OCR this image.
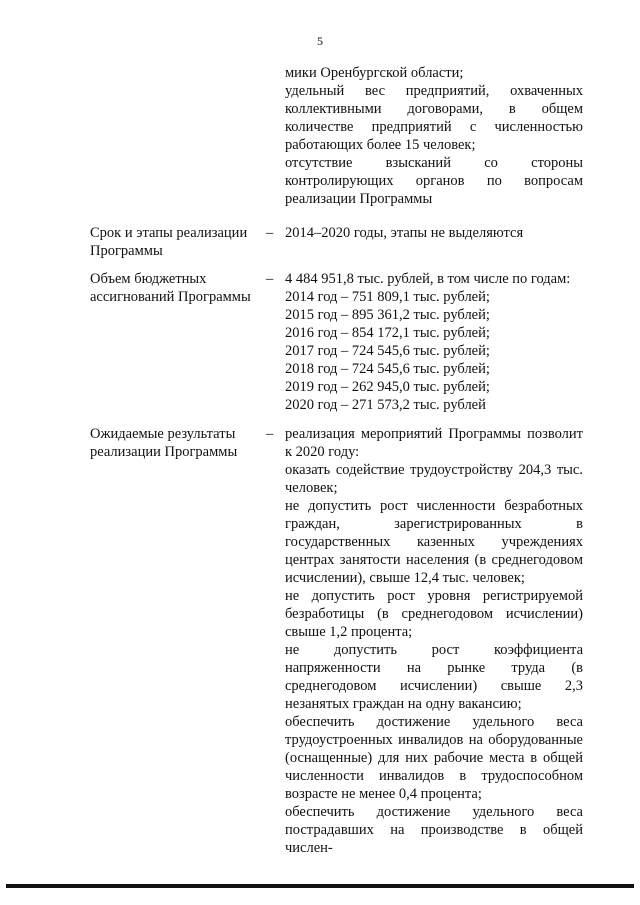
5

мики Оренбургской области;

удельный вес предприятий, охваченных коллективными договорами, в общем количестве предприятий с численностью работающих более 15 человек;

отсутствие взысканий со стороны контролирующих органов по вопросам реализации Программы

Срок и этапы реализации Программы
– 2014–2020 годы, этапы не выделяются

Объем бюджетных ассигнований Программы
– 4 484 951,8 тыс. рублей, в том числе по годам:
2014 год – 751 809,1 тыс. рублей;
2015 год – 895 361,2 тыс. рублей;
2016 год – 854 172,1 тыс. рублей;
2017 год – 724 545,6 тыс. рублей;
2018 год – 724 545,6 тыс. рублей;
2019 год – 262 945,0 тыс. рублей;
2020 год – 271 573,2 тыс. рублей
Ожидаемые результаты реализации Программы
– реализация мероприятий Программы позволит к 2020 году:

оказать содействие трудоустройству 204,3 тыс. человек;

не допустить рост численности безработных граждан, зарегистрированных в государственных казенных учреждениях центрах занятости населения (в среднегодовом исчислении), свыше 12,4 тыс. человек;

не допустить рост уровня регистрируемой безработицы (в среднегодовом исчислении) свыше 1,2 процента;

не допустить рост коэффициента напряженности на рынке труда (в среднегодовом исчислении) свыше 2,3 незанятых граждан на одну вакансию;

обеспечить достижение удельного веса трудоустроенных инвалидов на оборудованные (оснащенные) для них рабочие места в общей численности инвалидов в трудоспособном возрасте не менее 0,4 процента;

обеспечить достижение удельного веса пострадавших на производстве в общей числен-
